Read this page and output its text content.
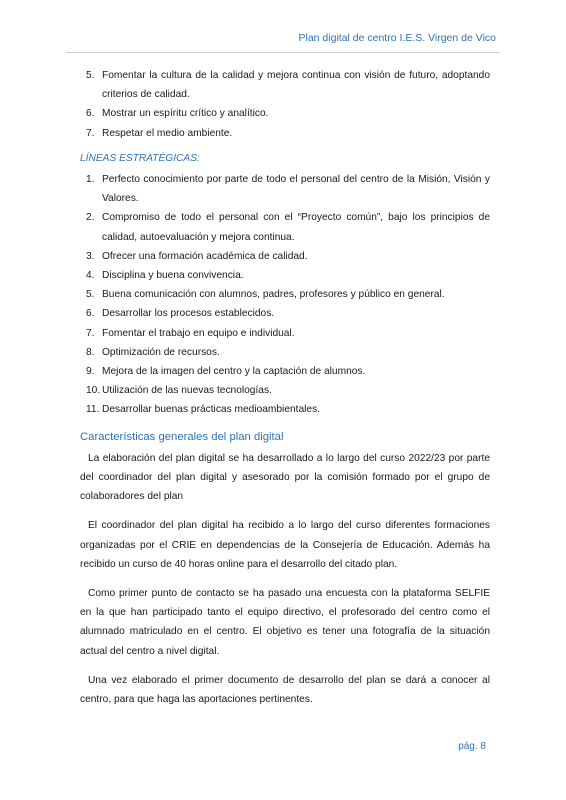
Plan digital de centro I.E.S. Virgen de Vico
5. Fomentar la cultura de la calidad y mejora continua con visión de futuro, adoptando criterios de calidad.
6. Mostrar un espíritu crítico y analítico.
7. Respetar el medio ambiente.
LÍNEAS ESTRATÉGICAS:
1. Perfecto conocimiento por parte de todo el personal del centro de la Misión, Visión y Valores.
2. Compromiso de todo el personal con el “Proyecto común”, bajo los principios de calidad, autoevaluación y mejora continua.
3. Ofrecer una formación académica de calidad.
4. Disciplina y buena convivencia.
5. Buena comunicación con alumnos, padres, profesores y público en general.
6. Desarrollar los procesos establecidos.
7. Fomentar el trabajo en equipo e individual.
8. Optimización de recursos.
9. Mejora de la imagen del centro y la captación de alumnos.
10. Utilización de las nuevas tecnologías.
11. Desarrollar buenas prácticas medioambientales.
Características generales del plan digital

La elaboración del plan digital se ha desarrollado a lo largo del curso 2022/23 por parte del coordinador del plan digital y asesorado por la comisión formado por el grupo de colaboradores del plan

El coordinador del plan digital ha recibido a lo largo del curso diferentes formaciones organizadas por el CRIE en dependencias de la Consejería de Educación. Además ha recibido un curso de 40 horas online para el desarrollo del citado plan.

Como primer punto de contacto se ha pasado una encuesta con la plataforma SELFIE en la que han participado tanto el equipo directivo, el profesorado del centro como el alumnado matriculado en el centro. El objetivo es tener una fotografía de la situación actual del centro a nivel digital.

Una vez elaborado el primer documento de desarrollo del plan se dará a conocer al centro, para que haga las aportaciones pertinentes.

pág. 8
